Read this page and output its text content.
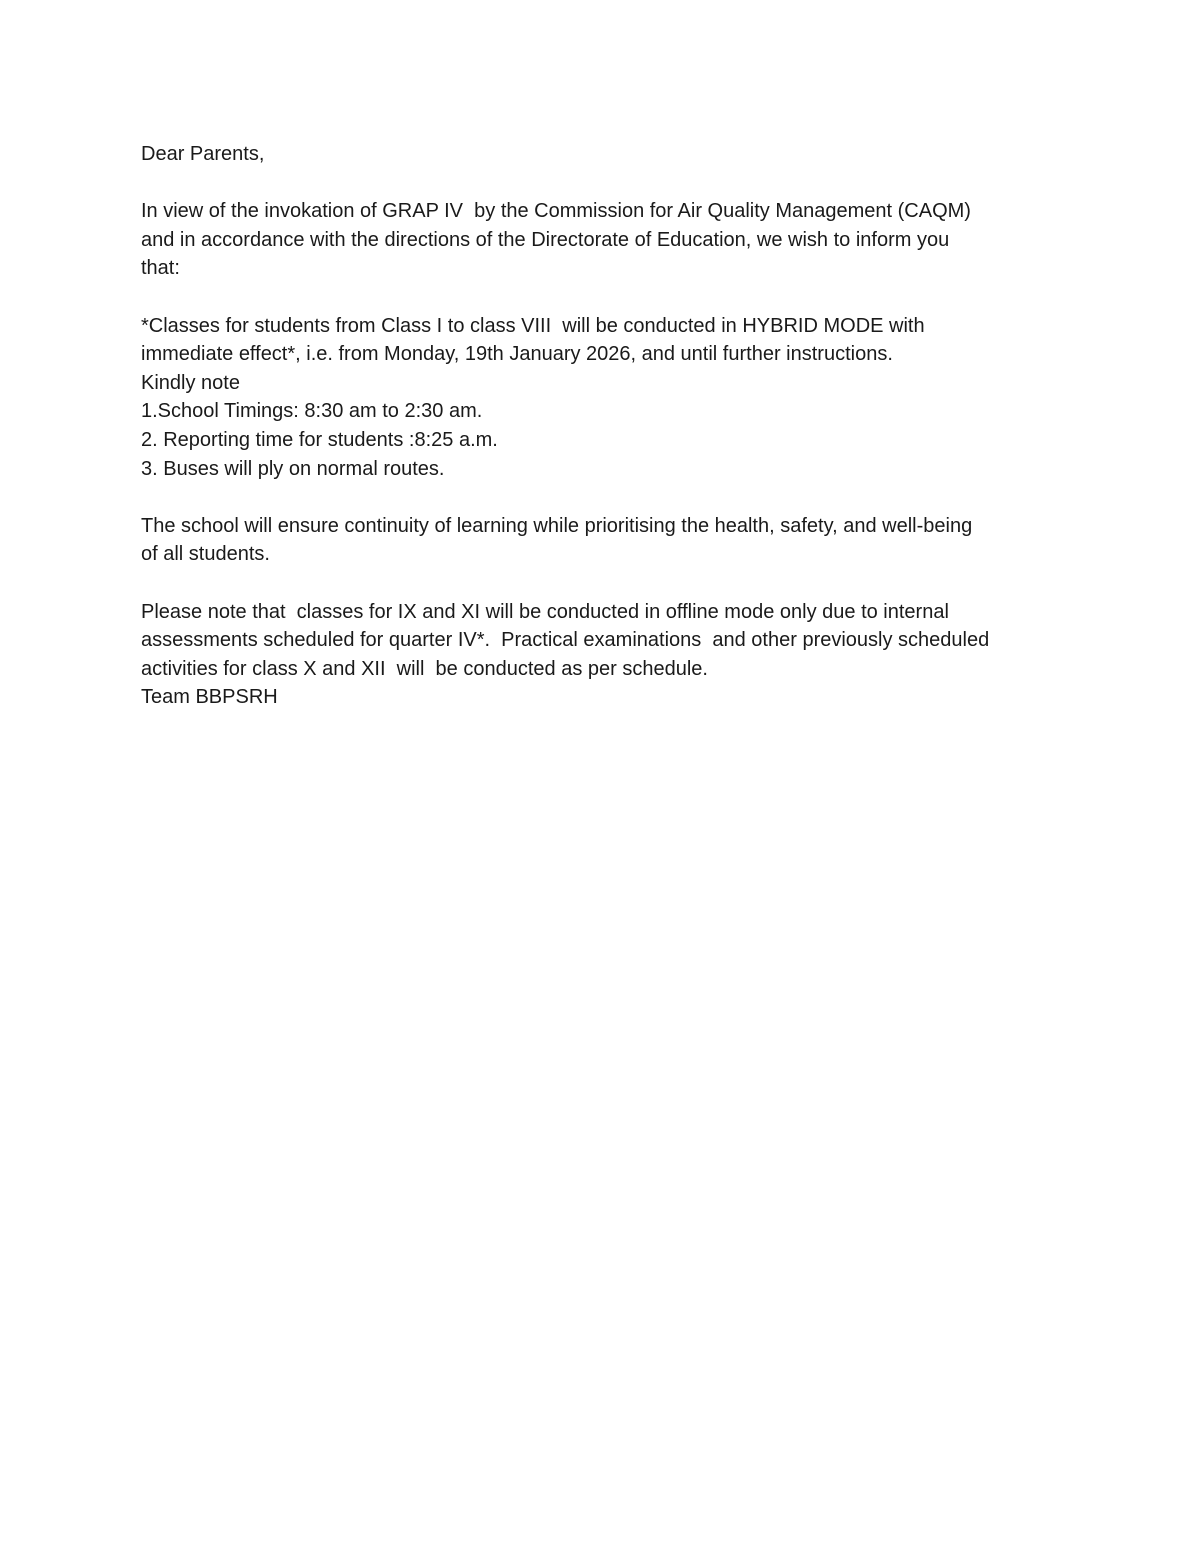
Dear Parents,
In view of the invokation of GRAP IV  by the Commission for Air Quality Management (CAQM)
and in accordance with the directions of the Directorate of Education, we wish to inform you
that:
*Classes for students from Class I to class VIII  will be conducted in HYBRID MODE with
immediate effect*, i.e. from Monday, 19th January 2026, and until further instructions.
Kindly note
1.School Timings: 8:30 am to 2:30 am.
2. Reporting time for students :8:25 a.m.
3. Buses will ply on normal routes.
The school will ensure continuity of learning while prioritising the health, safety, and well-being
of all students.
Please note that  classes for IX and XI will be conducted in offline mode only due to internal
assessments scheduled for quarter IV*.  Practical examinations  and other previously scheduled
activities for class X and XII  will  be conducted as per schedule.
Team BBPSRH
